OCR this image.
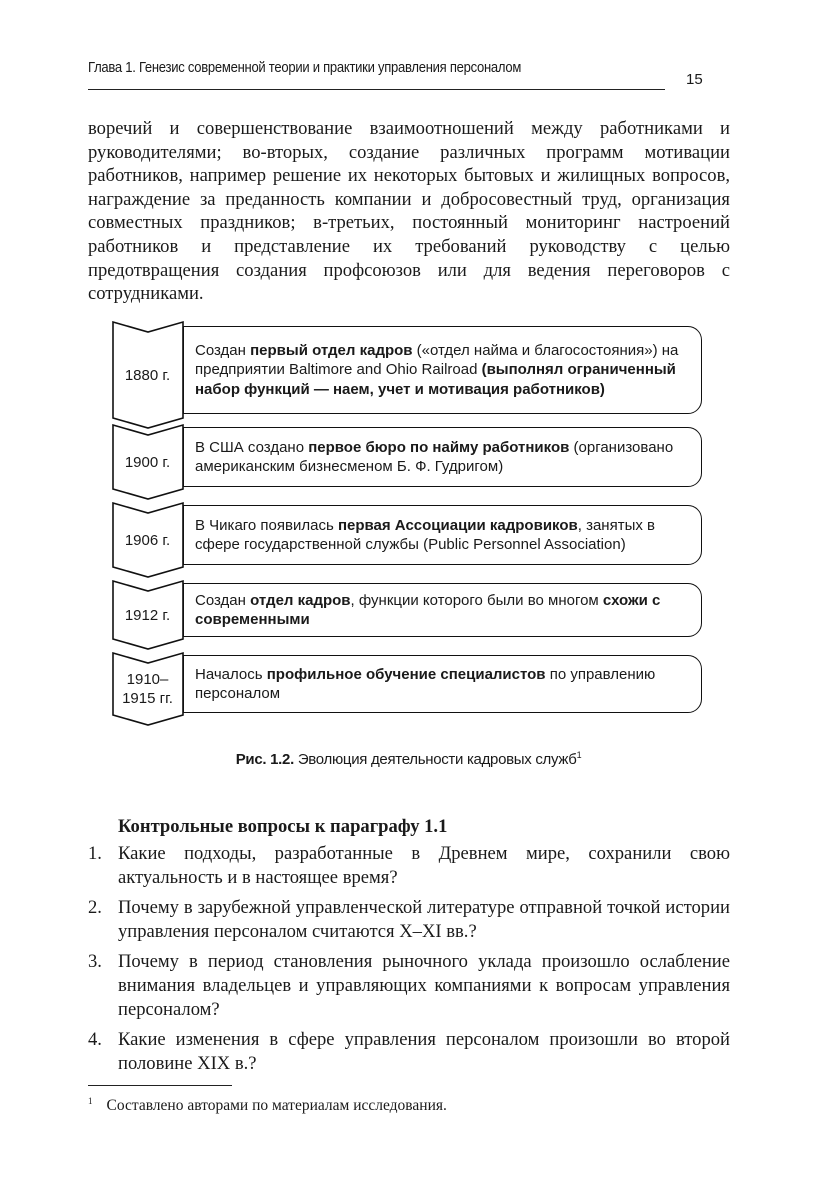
Глава 1. Генезис современной теории и практики управления персоналом
15
воречий и совершенствование взаимоотношений между работниками и руководителями; во-вторых, создание различных программ мотивации работников, например решение их некоторых бытовых и жилищных вопросов, награждение за преданность компании и добросовестный труд, организация совместных праздников; в-третьих, постоянный мониторинг настроений работников и представление их требований руководству с целью предотвращения создания профсоюзов или для ведения переговоров с сотрудниками.
1880 г.
Создан первый отдел кадров («отдел найма и благосостояния») на предприятии Baltimore and Ohio Railroad (выполнял ограниченный набор функций — наем, учет и мотивация работников)
1900 г.
В США создано первое бюро по найму работников (организовано американским бизнесменом Б. Ф. Гудригом)
1906 г.
В Чикаго появилась первая Ассоциации кадровиков, занятых в сфере государственной службы (Public Personnel Association)
1912 г.
Создан отдел кадров, функции которого были во многом схожи с современными
1910–
1915 гг.
Началось профильное обучение специалистов по управлению персоналом
Рис. 1.2. Эволюция деятельности кадровых служб$^1$
Контрольные вопросы к параграфу 1.1
1. Какие подходы, разработанные в Древнем мире, сохранили свою актуальность и в настоящее время?
2. Почему в зарубежной управленческой литературе отправной точкой истории управления персоналом считаются X–XI вв.?
3. Почему в период становления рыночного уклада произошло ослабление внимания владельцев и управляющих компаниями к вопросам управления персоналом?
4. Какие изменения в сфере управления персоналом произошли во второй половине XIX в.?
$^1$ Составлено авторами по материалам исследования.
